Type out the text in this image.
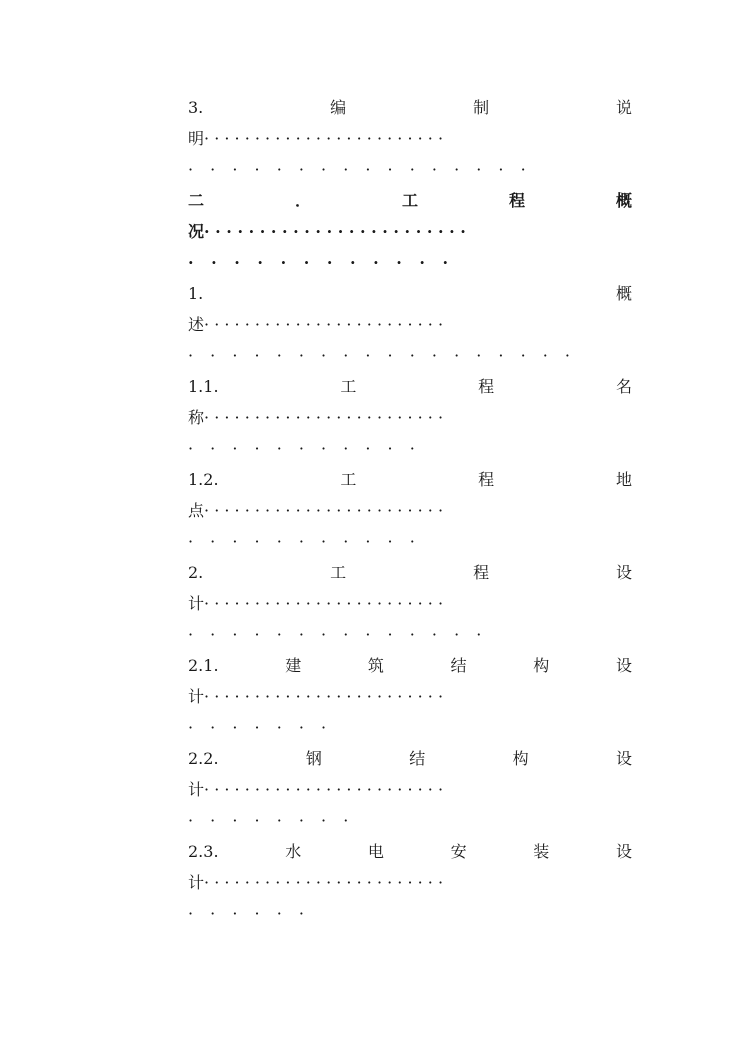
3.	编	制	说
明 · · · · · · · · · · · · · · · · · · · · · · · ·
· · · · · · · · · · · · · · · ·
二	．	工	程	概
况 · · · · · · · · · · · · · · · · · · · · · · · ·
· · · · · · · · · · · ·
1.	概
述 · · · · · · · · · · · · · · · · · · · · · · · ·
· · · · · · · · · · · · · · · · · ·
1.1.	工	程	名
称 · · · · · · · · · · · · · · · · · · · · · · · ·
· · · · · · · · · · ·
1.2.	工	程	地
点 · · · · · · · · · · · · · · · · · · · · · · · ·
· · · · · · · · · · ·
2.	工	程	设
计 · · · · · · · · · · · · · · · · · · · · · · · ·
· · · · · · · · · · · · · ·
2.1.	建	筑	结	构	设
计 · · · · · · · · · · · · · · · · · · · · · · · ·
· · · · · · ·
2.2.	钢	结	构	设
计 · · · · · · · · · · · · · · · · · · · · · · · ·
· · · · · · · ·
2.3.	水	电	安	装	设
计 · · · · · · · · · · · · · · · · · · · · · · · ·
· · · · · ·
